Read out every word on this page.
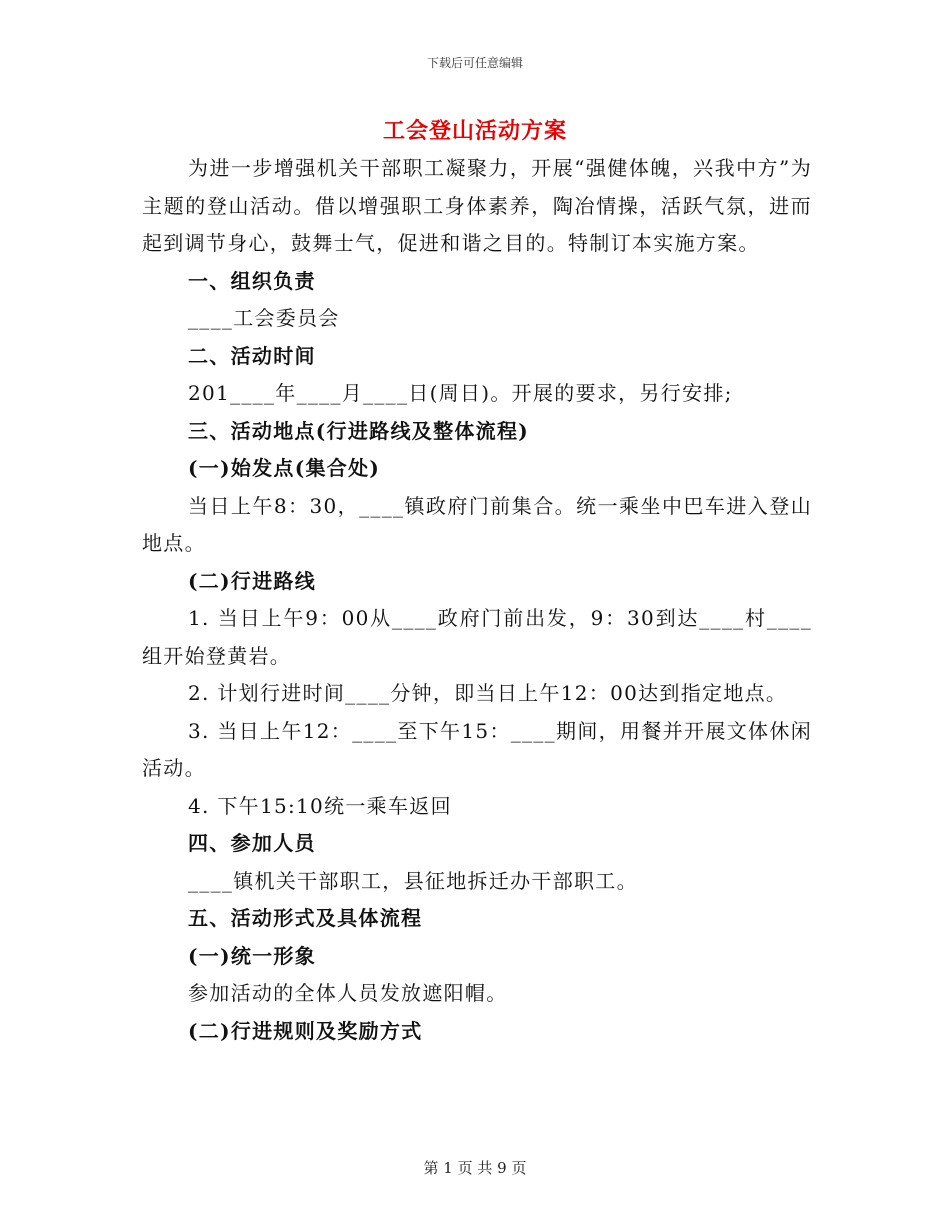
下载后可任意编辑
工会登山活动方案

为进一步增强机关干部职工凝聚力，开展“强健体魄，兴我中方”为主题的登山活动。借以增强职工身体素养，陶冶情操，活跃气氛，进而起到调节身心，鼓舞士气，促进和谐之目的。特制订本实施方案。

一、组织负责

____工会委员会

二、活动时间

201____年____月____日(周日)。开展的要求，另行安排;

三、活动地点(行进路线及整体流程)

(一)始发点(集合处)

当日上午8：30，____镇政府门前集合。统一乘坐中巴车进入登山地点。

(二)行进路线

1. 当日上午9：00从____政府门前出发，9：30到达____村____组开始登黄岩。

2. 计划行进时间____分钟，即当日上午12：00达到指定地点。

3. 当日上午12：____至下午15：____期间，用餐并开展文体休闲活动。

4. 下午15:10统一乘车返回

四、参加人员

____镇机关干部职工，县征地拆迁办干部职工。

五、活动形式及具体流程

(一)统一形象

参加活动的全体人员发放遮阳帽。

(二)行进规则及奖励方式

第 1 页 共 9 页
